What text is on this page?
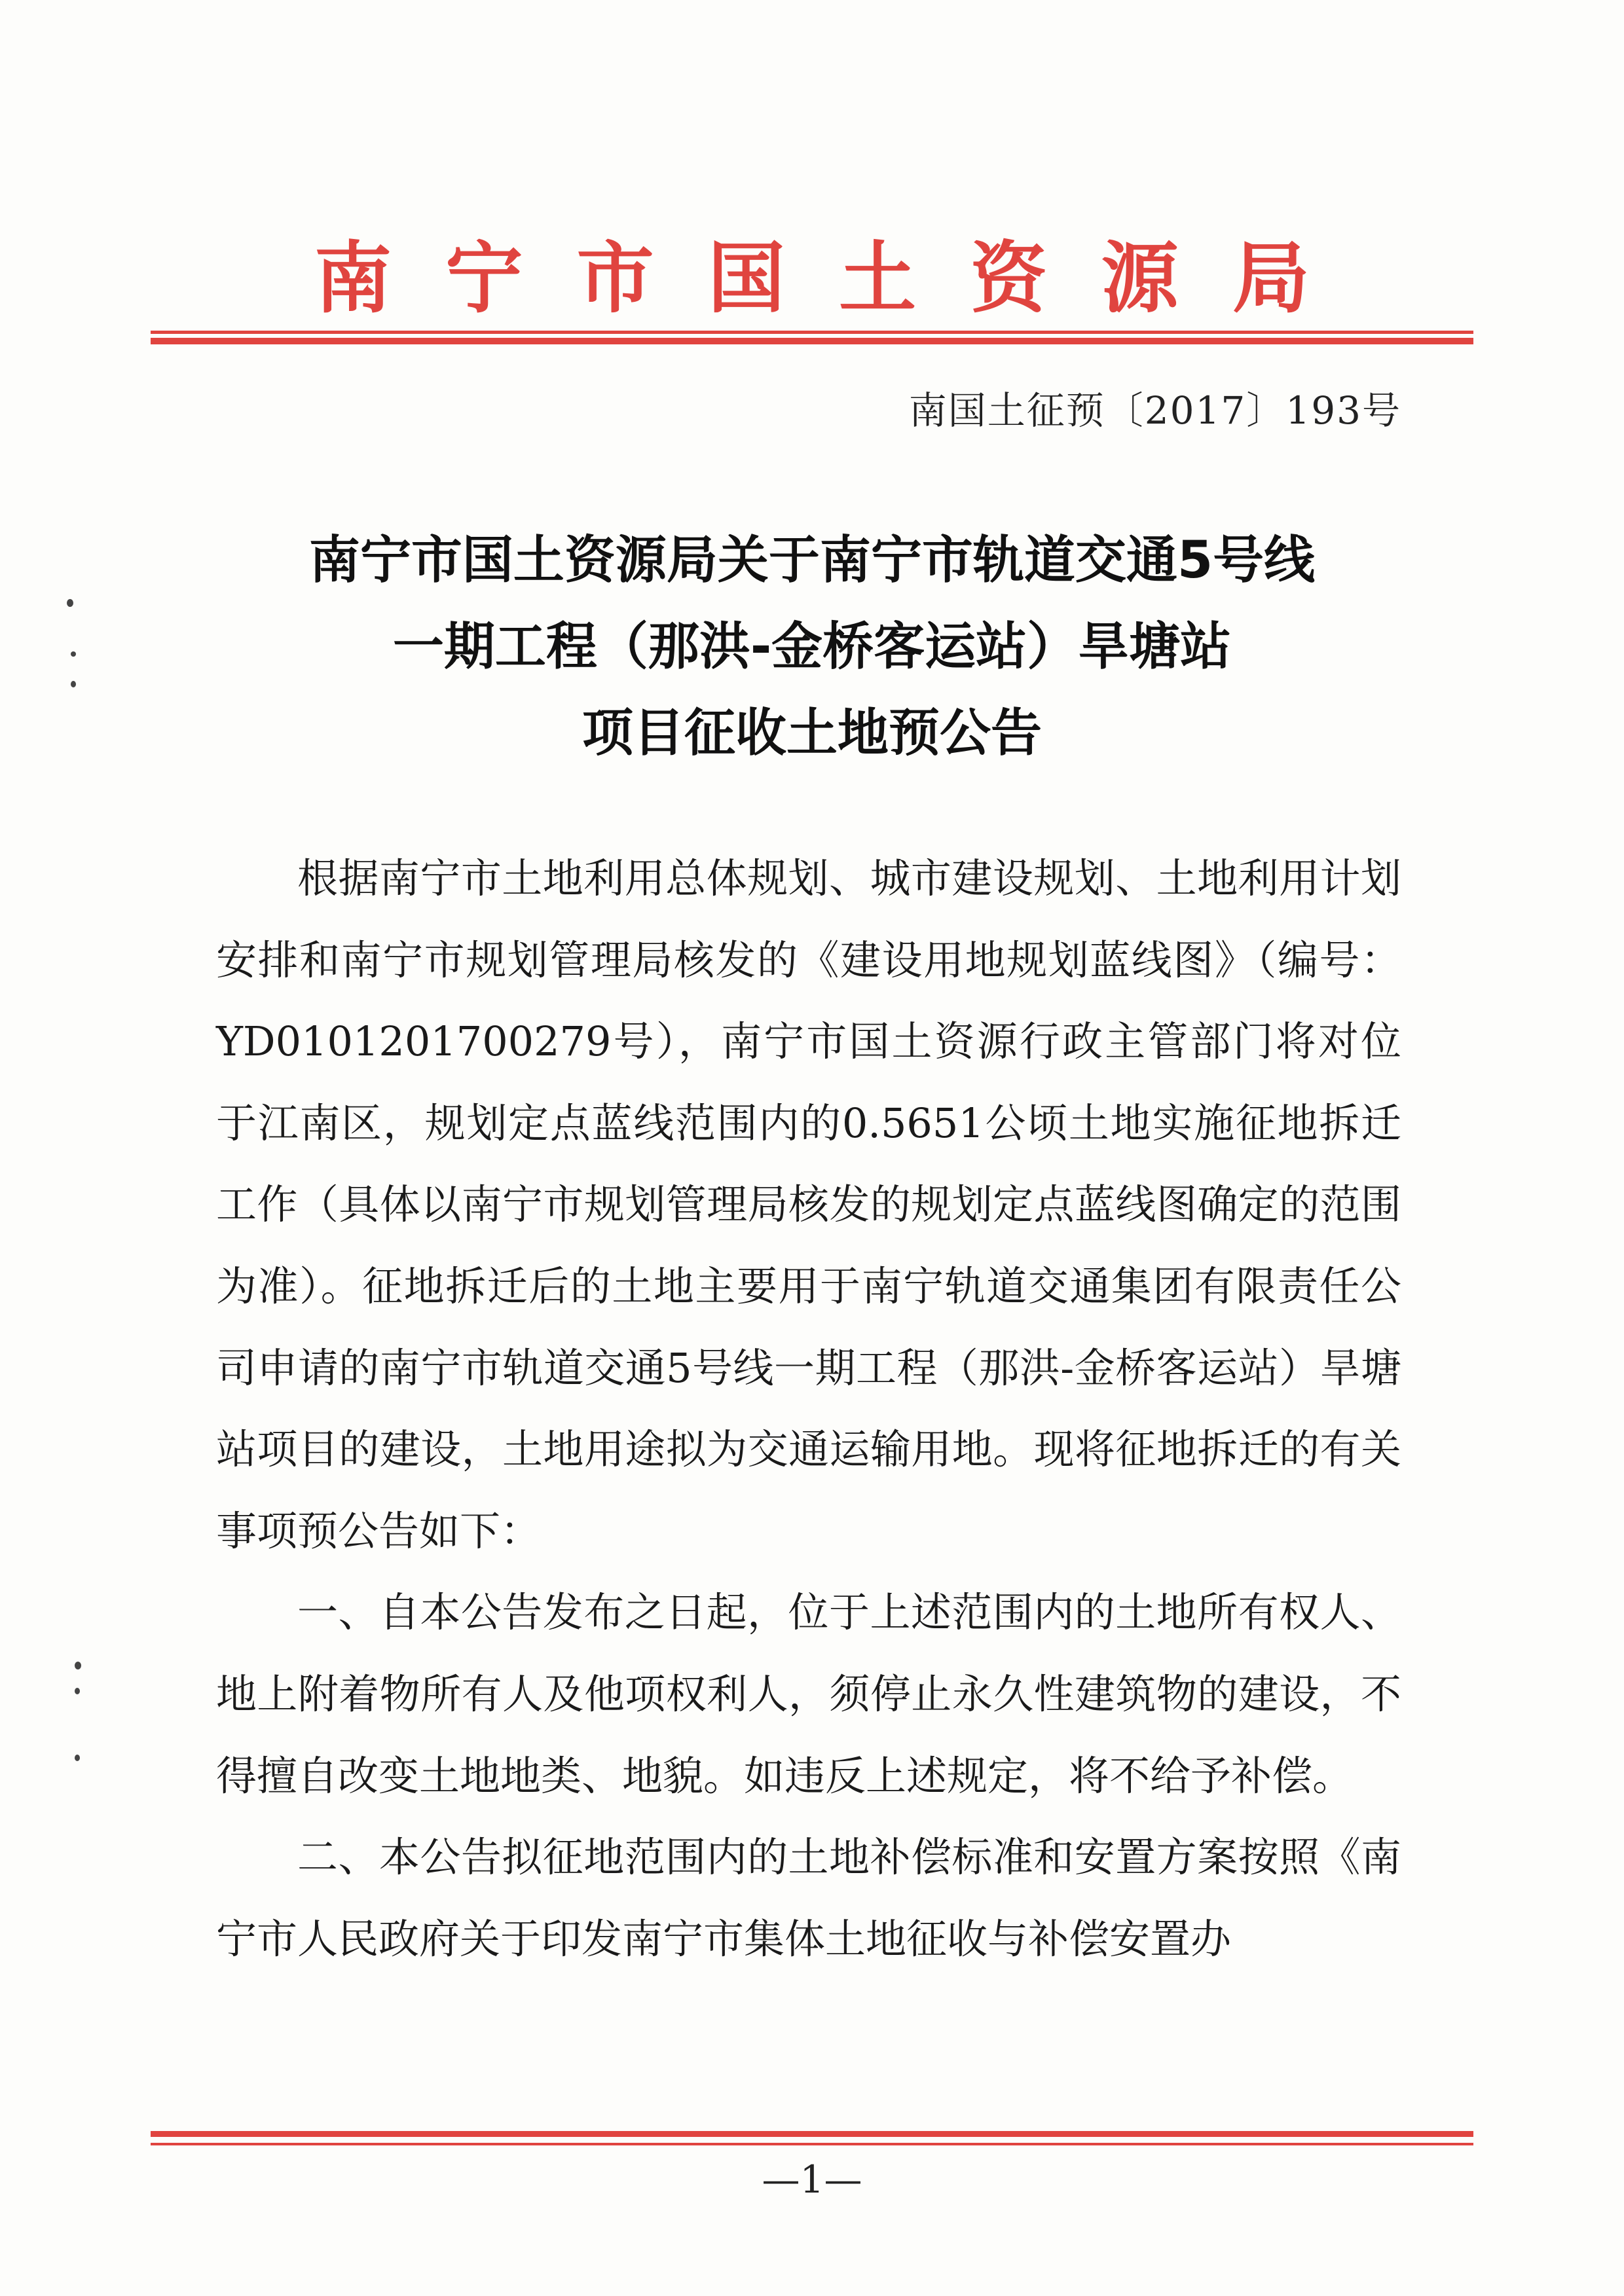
南 宁 市 国 土 资 源 局
南国土征预〔2017〕193号
南宁市国土资源局关于南宁市轨道交通5号线
一期工程（那洪-金桥客运站）旱塘站
项目征收土地预公告

根据南宁市土地利用总体规划、城市建设规划、土地利用计划安排和南宁市规划管理局核发的《建设用地规划蓝线图》（编号：YD0101201700279号），南宁市国土资源行政主管部门将对位于江南区，规划定点蓝线范围内的0.5651公顷土地实施征地拆迁工作（具体以南宁市规划管理局核发的规划定点蓝线图确定的范围为准）。征地拆迁后的土地主要用于南宁轨道交通集团有限责任公司申请的南宁市轨道交通5号线一期工程（那洪-金桥客运站）旱塘站项目的建设，土地用途拟为交通运输用地。现将征地拆迁的有关事项预公告如下：

一、自本公告发布之日起，位于上述范围内的土地所有权人、地上附着物所有人及他项权利人，须停止永久性建筑物的建设，不得擅自改变土地地类、地貌。如违反上述规定，将不给予补偿。

二、本公告拟征地范围内的土地补偿标准和安置方案按照《南宁市人民政府关于印发南宁市集体土地征收与补偿安置办

—1—
